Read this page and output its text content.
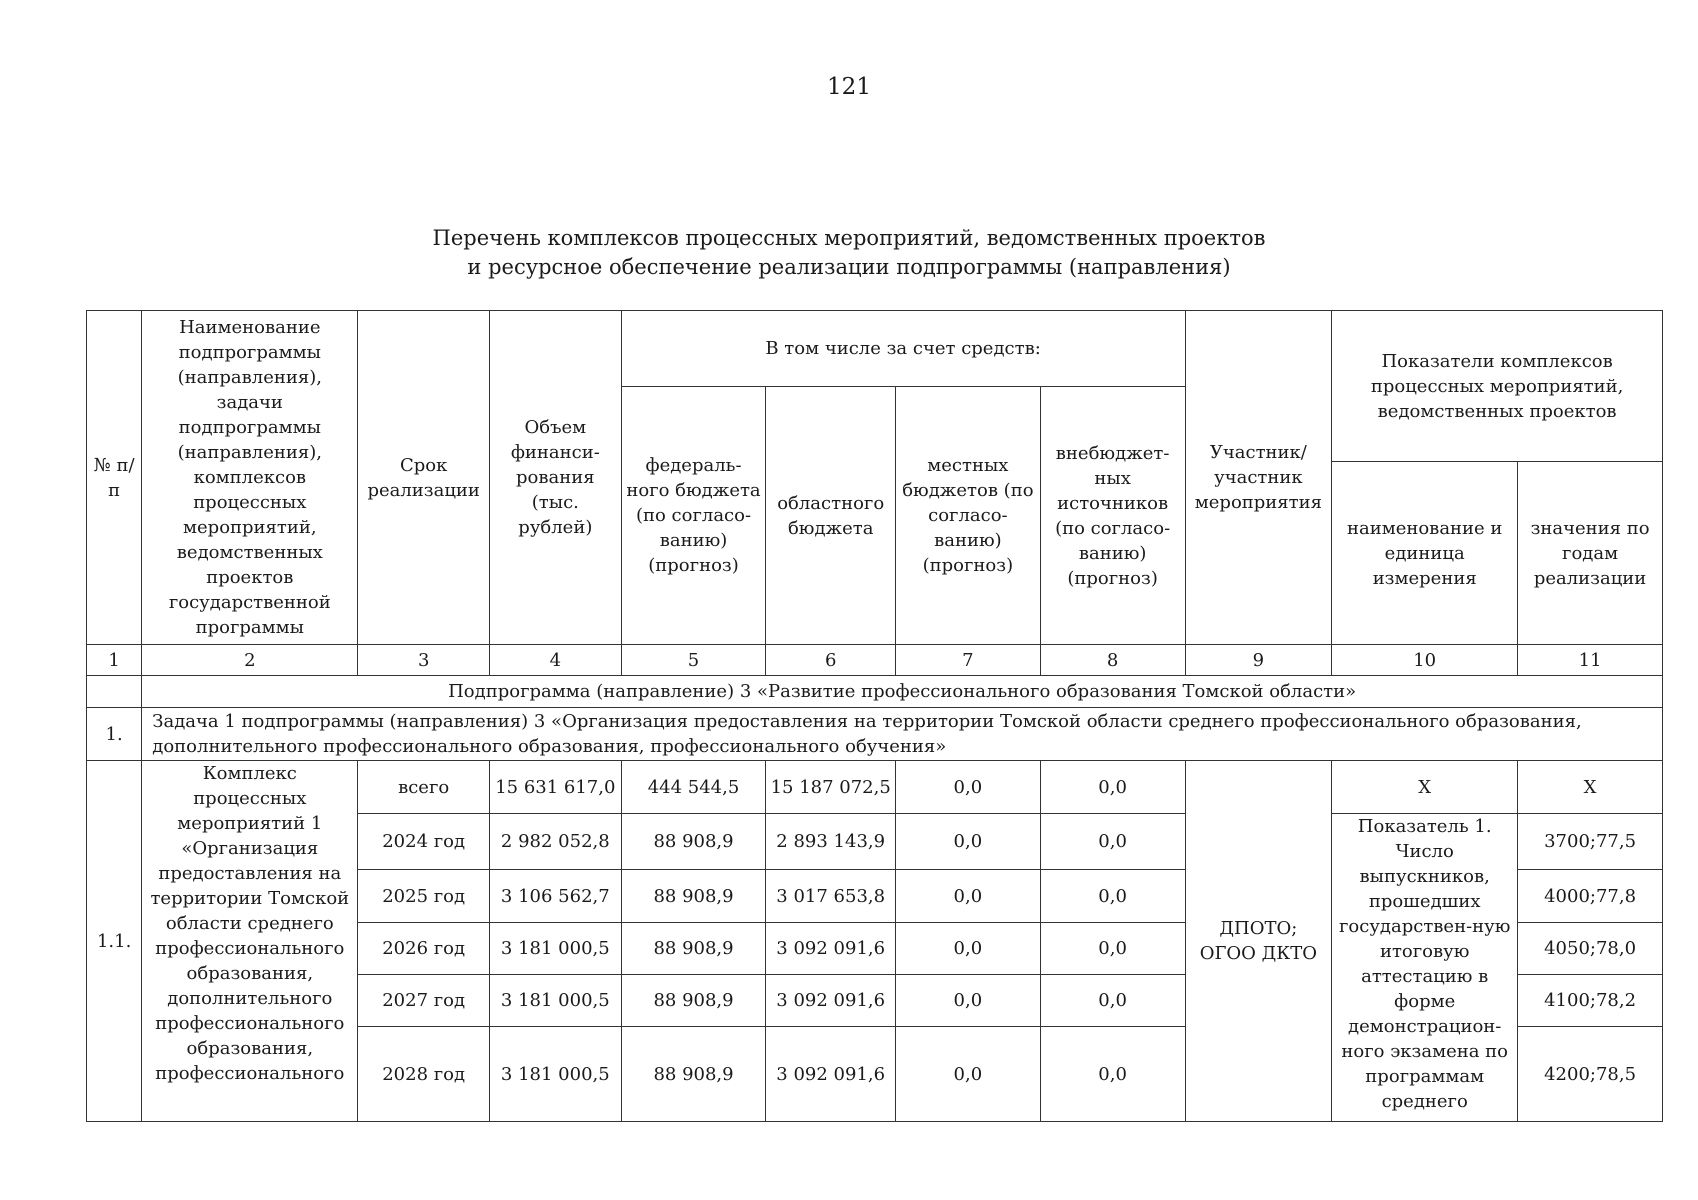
121
Перечень комплексов процессных мероприятий, ведомственных проектов
и ресурсное обеспечение реализации подпрограммы (направления)
№ п/п	Наименование подпрограммы (направления), задачи подпрограммы (направления), комплексов процессных мероприятий, ведомственных проектов государственной программы	Срок реализации	Объем финанси-рования (тыс. рублей)	В том числе за счет средств:				Участник/ участник мероприятия	Показатели комплексов процессных мероприятий, ведомственных проектов	
				федераль-ного бюджета (по согласо-ванию) (прогноз)	областного бюджета	местных бюджетов (по согласо-ванию) (прогноз)	внебюджет-ных источников (по согласо-ванию) (прогноз)			
									наименование и единица измерения	значения по годам реализации
1	2	3	4	5	6	7	8	9	10	11
	Подпрограмма (направление) 3 «Развитие профессионального образования Томской области»									
1.	Задача 1 подпрограммы (направления) 3 «Организация предоставления на территории Томской области среднего профессионального образования, дополнительного профессионального образования, профессионального обучения»									
1.1.	Комплекс процессных мероприятий 1 «Организация предоставления на территории Томской области среднего профессионального образования, дополнительного профессионального образования, профессионального	всего	15 631 617,0	444 544,5	15 187 072,5	0,0	0,0	ДПОТО; ОГОО ДКТО	Х	Х
		2024 год	2 982 052,8	88 908,9	2 893 143,9	0,0	0,0		Показатель 1. Число выпускников, прошедших государствен-ную итоговую аттестацию в форме демонстрацион-ного экзамена по программам среднего	3700;77,5
		2025 год	3 106 562,7	88 908,9	3 017 653,8	0,0	0,0			4000;77,8
		2026 год	3 181 000,5	88 908,9	3 092 091,6	0,0	0,0			4050;78,0
		2027 год	3 181 000,5	88 908,9	3 092 091,6	0,0	0,0			4100;78,2
		2028 год	3 181 000,5	88 908,9	3 092 091,6	0,0	0,0			4200;78,5
